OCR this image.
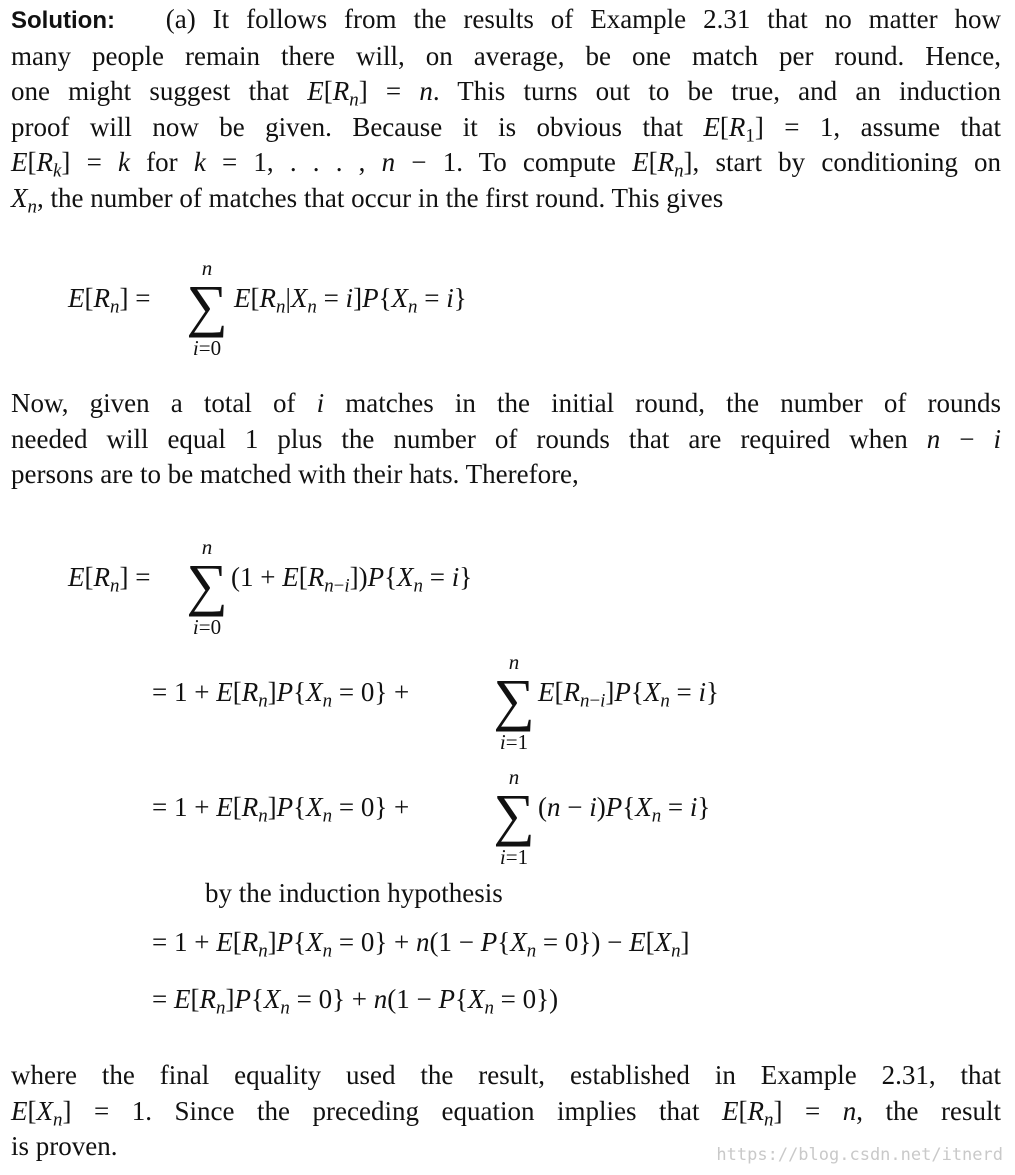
Solution: (a) It follows from the results of Example 2.31 that no matter how
many people remain there will, on average, be one match per round. Hence,
one might suggest that $E[R_n] = n$. This turns out to be true, and an induction
proof will now be given. Because it is obvious that $E[R_1] = 1$, assume that
$E[R_k] = k$ for k = 1, . . . , n − 1. To compute $E[R_n]$, start by conditioning on
$X_n$, the number of matches that occur in the first round. This gives
$E[R_n]$ =
n
∑
i=0
$E[R_n|X_n = i]P\{X_n = i\}$
Now, given a total of i matches in the initial round, the number of rounds
needed will equal 1 plus the number of rounds that are required when n − i
persons are to be matched with their hats. Therefore,
$E[R_n]$ =
n
∑
i=0
$(1 + E[R_{n-i}])P\{X_n = i\}$
= $1 + E[R_n]P\{X_n = 0\}$ +
n
∑
i=1
$E[R_{n-i}]P\{X_n = i\}$
= $1 + E[R_n]P\{X_n = 0\}$ +
n
∑
i=1
$(n - i)P\{X_n = i\}$
by the induction hypothesis
= $1 + E[R_n]P\{X_n = 0\} + n(1 - P\{X_n = 0\}) - E[X_n]$
= $E[R_n]P\{X_n = 0\} + n(1 - P\{X_n = 0\})$
where the final equality used the result, established in Example 2.31, that
$E[X_n] = 1$. Since the preceding equation implies that $E[R_n] = n$, the result
is proven.	https://blog.csdn.net/itnerd
